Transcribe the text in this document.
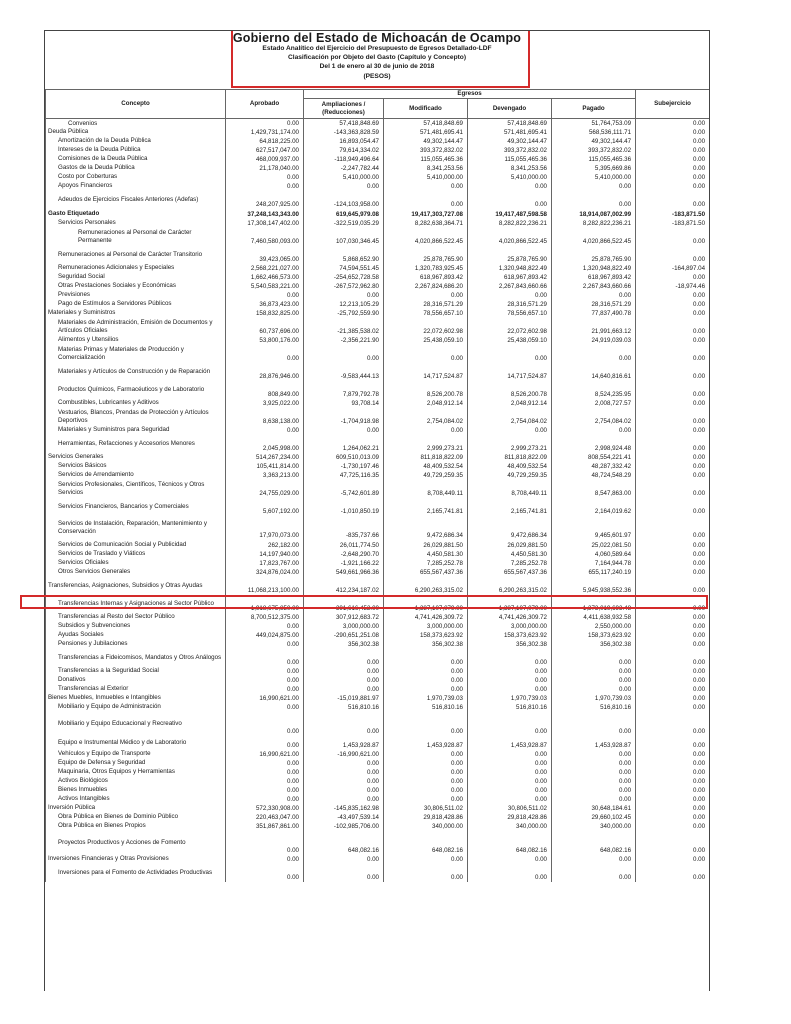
Gobierno del Estado de Michoacán de Ocampo
Estado Analítico del Ejercicio del Presupuesto de Egresos Detallado-LDF
Clasificación por Objeto del Gasto (Capítulo y Concepto)
Del 1 de enero al 30 de junio de 2018
(PESOS)
Concepto	Aprobado	Egresos				Subejercicio
		Ampliaciones /
(Reducciones)	Modificado	Devengado	Pagado	
Convenios	0.00	57,418,848.69	57,418,848.69	57,418,848.69	51,764,753.09	0.00
Deuda Pública	1,429,731,174.00	-143,363,828.59	571,481,695.41	571,481,695.41	568,536,111.71	0.00
Amortización de la Deuda Pública	64,818,225.00	16,893,054.47	49,302,144.47	49,302,144.47	49,302,144.47	0.00
Intereses de la Deuda Pública	627,517,047.00	79,614,334.02	393,372,832.02	393,372,832.02	393,372,832.02	0.00
Comisiones de la Deuda Pública	468,009,937.00	-118,949,496.64	115,055,465.36	115,055,465.36	115,055,465.36	0.00
Gastos de la Deuda Pública	21,178,040.00	-2,247,782.44	8,341,253.56	8,341,253.56	5,395,669.86	0.00
Costo por Coberturas	0.00	5,410,000.00	5,410,000.00	5,410,000.00	5,410,000.00	0.00
Apoyos Financieros	0.00	0.00	0.00	0.00	0.00	0.00
Adeudos de Ejercicios Fiscales Anteriores (Adefas)	248,207,925.00	-124,103,958.00	0.00	0.00	0.00	0.00
Gasto Etiquetado	37,248,143,343.00	619,645,979.08	19,417,303,727.08	19,417,487,598.58	18,914,087,002.99	-183,871.50
Servicios Personales	17,308,147,402.00	-322,519,035.29	8,282,638,364.71	8,282,822,236.21	8,282,822,236.21	-183,871.50
Remuneraciones al Personal de Carácter Permanente	7,460,580,093.00	107,030,346.45	4,020,866,522.45	4,020,866,522.45	4,020,866,522.45	0.00
Remuneraciones al Personal de Carácter Transitorio	39,423,065.00	5,868,652.90	25,878,765.90	25,878,765.90	25,878,765.90	0.00
Remuneraciones Adicionales y Especiales	2,568,221,027.00	74,594,551.45	1,320,783,925.45	1,320,948,822.49	1,320,948,822.49	-164,897.04
Seguridad Social	1,662,466,573.00	-254,652,728.58	618,967,893.42	618,967,893.42	618,967,893.42	0.00
Otras Prestaciones Sociales y Económicas	5,540,583,221.00	-267,572,962.80	2,267,824,686.20	2,267,843,660.66	2,267,843,660.66	-18,974.46
Previsiones	0.00	0.00	0.00	0.00	0.00	0.00
Pago de Estímulos a Servidores Públicos	36,873,423.00	12,213,105.29	28,316,571.29	28,316,571.29	28,316,571.29	0.00
Materiales y Suministros	158,832,825.00	-25,792,559.90	78,556,657.10	78,556,657.10	77,837,490.78	0.00
Materiales de Administración, Emisión de Documentos y Artículos Oficiales	60,737,696.00	-21,385,538.02	22,072,602.98	22,072,602.98	21,991,663.12	0.00
Alimentos y Utensilios	53,800,176.00	-2,356,221.90	25,438,059.10	25,438,059.10	24,919,039.03	0.00
Materias Primas y Materiales de Producción y Comercialización	0.00	0.00	0.00	0.00	0.00	0.00
Materiales y Artículos de Construcción y de Reparación	28,876,946.00	-9,583,444.13	14,717,524.87	14,717,524.87	14,640,816.61	0.00
Productos Químicos, Farmacéuticos y de Laboratorio	808,849.00	7,879,792.78	8,526,200.78	8,526,200.78	8,524,235.95	0.00
Combustibles, Lubricantes y Aditivos	3,925,022.00	93,708.14	2,048,912.14	2,048,912.14	2,008,727.57	0.00
Vestuarios, Blancos, Prendas de Protección y Artículos Deportivos	8,638,138.00	-1,704,918.98	2,754,084.02	2,754,084.02	2,754,084.02	0.00
Materiales y Suministros para Seguridad	0.00	0.00	0.00	0.00	0.00	0.00
Herramientas, Refacciones y Accesorios Menores	2,045,998.00	1,264,062.21	2,999,273.21	2,999,273.21	2,998,924.48	0.00
Servicios Generales	514,267,234.00	609,510,013.09	811,818,822.09	811,818,822.09	808,554,221.41	0.00
Servicios Básicos	105,411,814.00	-1,730,197.46	48,409,532.54	48,409,532.54	48,287,332.42	0.00
Servicios de Arrendamiento	3,363,213.00	47,725,116.35	49,729,259.35	49,729,259.35	48,724,548.29	0.00
Servicios Profesionales, Científicos, Técnicos y Otros Servicios	24,755,029.00	-5,742,601.89	8,708,449.11	8,708,449.11	8,547,863.00	0.00
Servicios Financieros, Bancarios y Comerciales	5,607,192.00	-1,010,850.19	2,165,741.81	2,165,741.81	2,164,019.62	0.00
Servicios de Instalación, Reparación, Mantenimiento y Conservación	17,970,073.00	-835,737.66	9,472,686.34	9,472,686.34	9,465,601.97	0.00
Servicios de Comunicación Social y Publicidad	262,182.00	26,011,774.50	26,029,881.50	26,029,881.50	25,022,081.50	0.00
Servicios de Traslado y Viáticos	14,197,940.00	-2,648,290.70	4,450,581.30	4,450,581.30	4,060,589.64	0.00
Servicios Oficiales	17,823,767.00	-1,921,166.22	7,285,252.78	7,285,252.78	7,164,944.78	0.00
Otros Servicios Generales	324,876,024.00	549,661,966.36	655,567,437.36	655,567,437.36	655,117,240.19	0.00
Transferencias, Asignaciones, Subsidios y Otras Ayudas	11,068,213,100.00	412,234,187.02	6,290,263,315.02	6,290,263,315.02	5,945,938,552.36	0.00
Transferencias Internas y Asignaciones al Sector Público	1,918,675,850.00	391,616,452.00	1,387,107,079.00	1,387,107,079.00	1,373,019,693.48	0.00
Transferencias al Resto del Sector Público	8,700,512,375.00	307,912,683.72	4,741,426,309.72	4,741,426,309.72	4,411,638,932.58	0.00
Subsidios y Subvenciones	0.00	3,000,000.00	3,000,000.00	3,000,000.00	2,550,000.00	0.00
Ayudas Sociales	449,024,875.00	-290,651,251.08	158,373,623.92	158,373,623.92	158,373,623.92	0.00
Pensiones y Jubilaciones	0.00	356,302.38	356,302.38	356,302.38	356,302.38	0.00
Transferencias a Fideicomisos, Mandatos y Otros Análogos	0.00	0.00	0.00	0.00	0.00	0.00
Transferencias a la Seguridad Social	0.00	0.00	0.00	0.00	0.00	0.00
Donativos	0.00	0.00	0.00	0.00	0.00	0.00
Transferencias al Exterior	0.00	0.00	0.00	0.00	0.00	0.00
Bienes Muebles, Inmuebles e Intangibles	16,990,621.00	-15,019,881.97	1,970,739.03	1,970,739.03	1,970,739.03	0.00
Mobiliario y Equipo de Administración	0.00	516,810.16	516,810.16	516,810.16	516,810.16	0.00
Mobiliario y Equipo Educacional y Recreativo	0.00	0.00	0.00	0.00	0.00	0.00
Equipo e Instrumental Médico y de Laboratorio	0.00	1,453,928.87	1,453,928.87	1,453,928.87	1,453,928.87	0.00
Vehículos y Equipo de Transporte	16,990,621.00	-16,990,621.00	0.00	0.00	0.00	0.00
Equipo de Defensa y Seguridad	0.00	0.00	0.00	0.00	0.00	0.00
Maquinaria, Otros Equipos y Herramientas	0.00	0.00	0.00	0.00	0.00	0.00
Activos Biológicos	0.00	0.00	0.00	0.00	0.00	0.00
Bienes Inmuebles	0.00	0.00	0.00	0.00	0.00	0.00
Activos Intangibles	0.00	0.00	0.00	0.00	0.00	0.00
Inversión Pública	572,330,908.00	-145,835,162.98	30,806,511.02	30,806,511.02	30,648,184.61	0.00
Obra Pública en Bienes de Dominio Público	220,463,047.00	-43,497,539.14	29,818,428.86	29,818,428.86	29,660,102.45	0.00
Obra Pública en Bienes Propios	351,867,861.00	-102,985,706.00	340,000.00	340,000.00	340,000.00	0.00
Proyectos Productivos y Acciones de Fomento	0.00	648,082.16	648,082.16	648,082.16	648,082.16	0.00
Inversiones Financieras y Otras Provisiones	0.00	0.00	0.00	0.00	0.00	0.00
Inversiones para el Fomento de Actividades Productivas	0.00	0.00	0.00	0.00	0.00	0.00
